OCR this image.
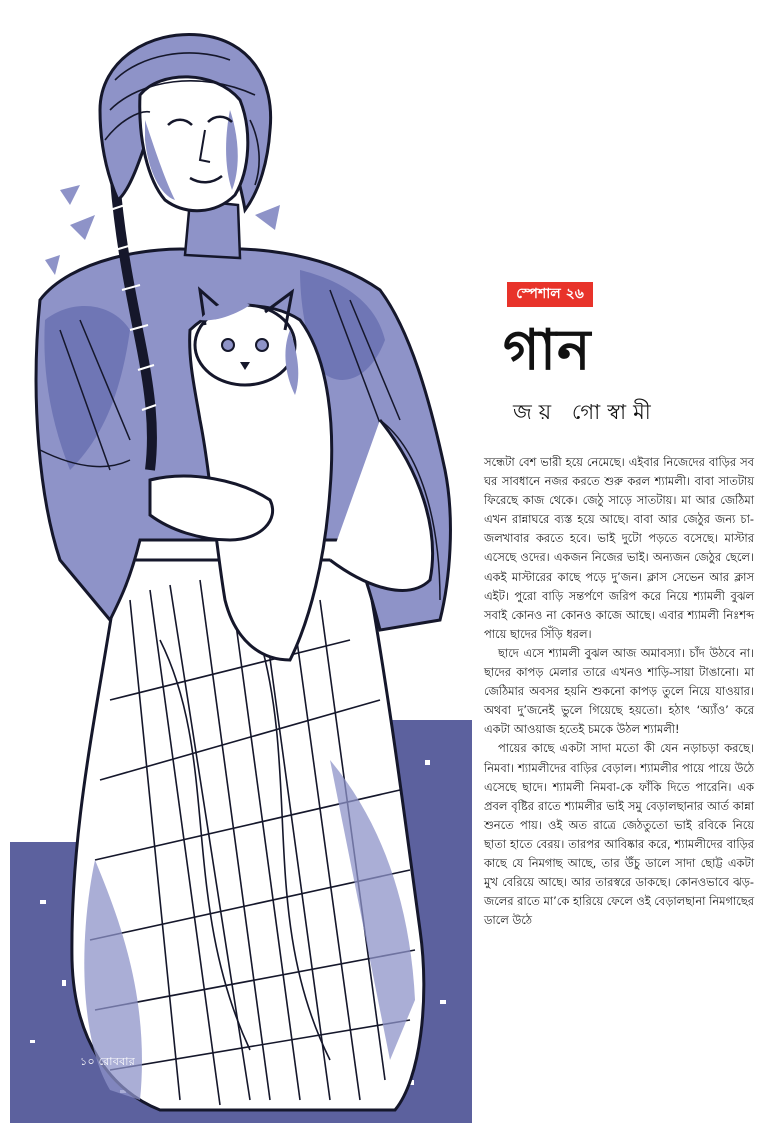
১০ রোববার
স্পেশাল ২৬
গান
জয় গোস্বামী

সন্ধেটা বেশ ভারী হয়ে নেমেছে। এইবার নিজেদের বাড়ির সব ঘর সাবধানে নজর করতে শুরু করল শ্যামলী। বাবা সাতটায় ফিরেছে কাজ থেকে। জেঠু সাড়ে সাতটায়। মা আর জেঠিমা এখন রান্নাঘরে ব্যস্ত হয়ে আছে। বাবা আর জেঠুর জন্য চা-জলখাবার করতে হবে। ভাই দুটো পড়তে বসেছে। মাস্টার এসেছে ওদের। একজন নিজের ভাই। অন্যজন জেঠুর ছেলে। একই মাস্টারের কাছে পড়ে দু’জন। ক্লাস সেভেন আর ক্লাস এইট। পুরো বাড়ি সন্তর্পণে জরিপ করে নিয়ে শ্যামলী বুঝল সবাই কোনও না কোনও কাজে আছে। এবার শ্যামলী নিঃশব্দ পায়ে ছাদের সিঁড়ি ধরল।

ছাদে এসে শ্যামলী বুঝল আজ অমাবস্যা। চাঁদ উঠবে না। ছাদের কাপড় মেলার তারে এখনও শাড়ি-সায়া টাঙানো। মা জেঠিমার অবসর হয়নি শুকনো কাপড় তুলে নিয়ে যাওয়ার। অথবা দু’জনেই ভুলে গিয়েছে হয়তো। হঠাৎ ‘অ্যাঁও’ করে একটা আওয়াজ হতেই চমকে উঠল শ্যামলী!

পায়ের কাছে একটা সাদা মতো কী যেন নড়াচড়া করছে। নিমবা। শ্যামলীদের বাড়ির বেড়াল। শ্যামলীর পায়ে পায়ে উঠে এসেছে ছাদে। শ্যামলী নিমবা-কে ফাঁকি দিতে পারেনি। এক প্রবল বৃষ্টির রাতে শ্যামলীর ভাই সমু বেড়ালছানার আর্ত কান্না শুনতে পায়। ওই অত রাত্রে জেঠতুতো ভাই রবিকে নিয়ে ছাতা হাতে বেরয়। তারপর আবিষ্কার করে, শ্যামলীদের বাড়ির কাছে যে নিমগাছ আছে, তার উঁচু ডালে সাদা ছোট্ট একটা মুখ বেরিয়ে আছে। আর তারস্বরে ডাকছে। কোনওভাবে ঝড়-জলের রাতে মা’কে হারিয়ে ফেলে ওই বেড়ালছানা নিমগাছের ডালে উঠে
